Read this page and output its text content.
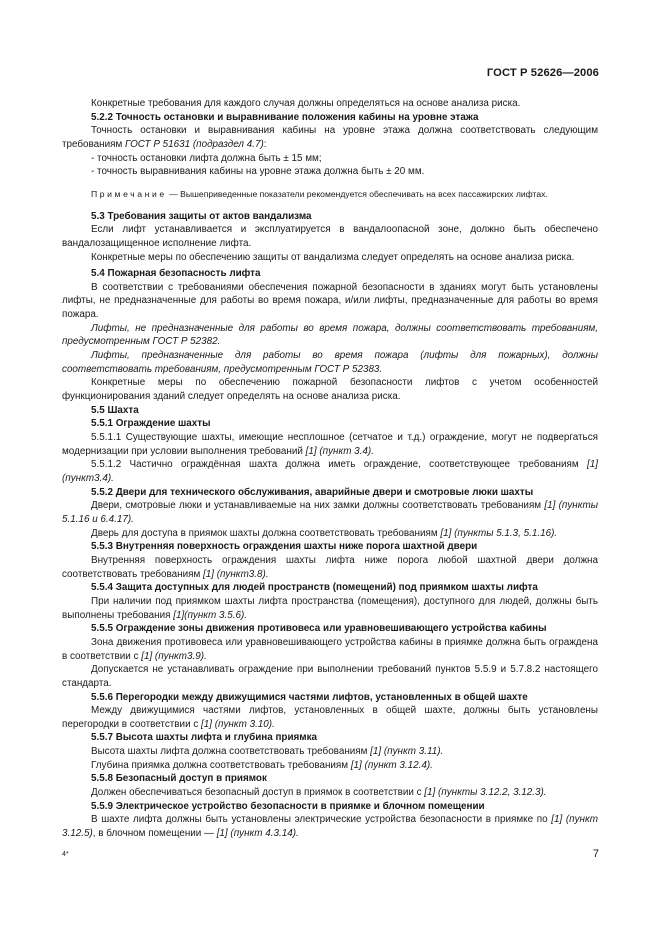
ГОСТ Р 52626—2006

Конкретные требования для каждого случая должны определяться на основе анализа риска.

5.2.2 Точность остановки и выравнивание положения кабины на уровне этажа

Точность остановки и выравнивания кабины на уровне этажа должна соответствовать следующим требованиям ГОСТ Р 51631 (подраздел 4.7):

- точность остановки лифта должна быть ± 15 мм;

- точность выравнивания кабины на уровне этажа должна быть ± 20 мм.

Примечание — Вышеприведенные показатели рекомендуется обеспечивать на всех пассажирских лифтах.

5.3 Требования защиты от актов вандализма

Если лифт устанавливается и эксплуатируется в вандалоопасной зоне, должно быть обеспечено вандалозащищенное исполнение лифта.

Конкретные меры по обеспечению защиты от вандализма следует определять на основе анализа риска.

5.4 Пожарная безопасность лифта

В соответствии с требованиями обеспечения пожарной безопасности в зданиях могут быть установлены лифты, не предназначенные для работы во время пожара, и/или лифты, предназначенные для работы во время пожара.

Лифты, не предназначенные для работы во время пожара, должны соответствовать требованиям, предусмотренным ГОСТ Р 52382.

Лифты, предназначенные для работы во время пожара (лифты для пожарных), должны соответствовать требованиям, предусмотренным ГОСТ Р 52383.

Конкретные меры по обеспечению пожарной безопасности лифтов с учетом особенностей функционирования зданий следует определять на основе анализа риска.

5.5 Шахта

5.5.1 Ограждение шахты

5.5.1.1 Существующие шахты, имеющие несплошное (сетчатое и т.д.) ограждение, могут не подвергаться модернизации при условии выполнения требований [1] (пункт 3.4).

5.5.1.2 Частично ограждённая шахта должна иметь ограждение, соответствующее требованиям [1] (пункт3.4).

5.5.2 Двери для технического обслуживания, аварийные двери и смотровые люки шахты

Двери, смотровые люки и устанавливаемые на них замки должны соответствовать требованиям [1] (пункты 5.1.16 и 6.4.17).

Дверь для доступа в приямок шахты должна соответствовать требованиям [1] (пункты 5.1.3, 5.1.16).

5.5.3 Внутренняя поверхность ограждения шахты ниже порога шахтной двери

Внутренняя поверхность ограждения шахты лифта ниже порога любой шахтной двери должна соответствовать требованиям [1] (пункт3.8).

5.5.4 Защита доступных для людей пространств (помещений) под приямком шахты лифта

При наличии под приямком шахты лифта пространства (помещения), доступного для людей, должны быть выполнены требования [1](пункт 3.5.6).

5.5.5 Ограждение зоны движения противовеса или уравновешивающего устройства кабины

Зона движения противовеса или уравновешивающего устройства кабины в приямке должна быть ограждена в соответствии с [1] (пункт3.9).

Допускается не устанавливать ограждение при выполнении требований пунктов 5.5.9 и 5.7.8.2 настоящего стандарта.

5.5.6 Перегородки между движущимися частями лифтов, установленных в общей шахте

Между движущимися частями лифтов, установленных в общей шахте, должны быть установлены перегородки в соответствии с [1] (пункт 3.10).

5.5.7 Высота шахты лифта и глубина приямка

Высота шахты лифта должна соответствовать требованиям [1] (пункт 3.11).

Глубина приямка должна соответствовать требованиям [1] (пункт 3.12.4).

5.5.8 Безопасный доступ в приямок

Должен обеспечиваться безопасный доступ в приямок в соответствии с [1] (пункты 3.12.2, 3.12.3).

5.5.9 Электрическое устройство безопасности в приямке и блочном помещении

В шахте лифта должны быть установлены электрические устройства безопасности в приямке по [1] (пункт 3.12.5), в блочном помещении — [1] (пункт 4.3.14).

4*	7
